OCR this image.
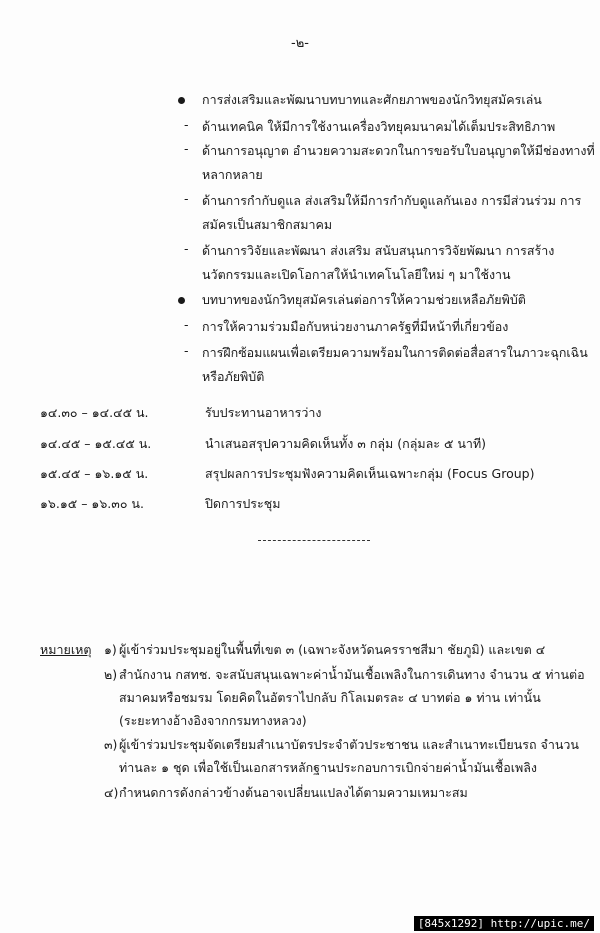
-๒-
การส่งเสริมและพัฒนาบทบาทและศักยภาพของนักวิทยุสมัครเล่น
- ด้านเทคนิค ให้มีการใช้งานเครื่องวิทยุคมนาคมได้เต็มประสิทธิภาพ
- ด้านการอนุญาต อำนวยความสะดวกในการขอรับใบอนุญาตให้มีช่องทางที่
หลากหลาย
- ด้านการกำกับดูแล ส่งเสริมให้มีการกำกับดูแลกันเอง การมีส่วนร่วม การ
สมัครเป็นสมาชิกสมาคม
- ด้านการวิจัยและพัฒนา ส่งเสริม สนับสนุนการวิจัยพัฒนา การสร้าง
นวัตกรรมและเปิดโอกาสให้นำเทคโนโลยีใหม่ ๆ มาใช้งาน
บทบาทของนักวิทยุสมัครเล่นต่อการให้ความช่วยเหลือภัยพิบัติ
- การให้ความร่วมมือกับหน่วยงานภาครัฐที่มีหน้าที่เกี่ยวข้อง
- การฝึกซ้อมแผนเพื่อเตรียมความพร้อมในการติดต่อสื่อสารในภาวะฉุกเฉิน
หรือภัยพิบัติ
๑๔.๓๐ – ๑๔.๔๕ น.	รับประทานอาหารว่าง
๑๔.๔๕ – ๑๕.๔๕ น.	นำเสนอสรุปความคิดเห็นทั้ง ๓ กลุ่ม (กลุ่มละ ๕ นาที)
๑๕.๔๕ – ๑๖.๑๕ น.	สรุปผลการประชุมฟังความคิดเห็นเฉพาะกลุ่ม (Focus Group)
๑๖.๑๕ – ๑๖.๓๐ น.	ปิดการประชุม
หมายเหตุ ๑) ผู้เข้าร่วมประชุมอยู่ในพื้นที่เขต ๓ (เฉพาะจังหวัดนครราชสีมา ชัยภูมิ) และเขต ๔
๒) สำนักงาน กสทช. จะสนับสนุนเฉพาะค่าน้ำมันเชื้อเพลิงในการเดินทาง จำนวน ๕ ท่านต่อ
สมาคมหรือชมรม โดยคิดในอัตราไปกลับ กิโลเมตรละ ๔ บาทต่อ ๑ ท่าน เท่านั้น
(ระยะทางอ้างอิงจากกรมทางหลวง)
๓) ผู้เข้าร่วมประชุมจัดเตรียมสำเนาบัตรประจำตัวประชาชน และสำเนาทะเบียนรถ จำนวน
ท่านละ ๑ ชุด เพื่อใช้เป็นเอกสารหลักฐานประกอบการเบิกจ่ายค่าน้ำมันเชื้อเพลิง
๔) กำหนดการดังกล่าวข้างต้นอาจเปลี่ยนแปลงได้ตามความเหมาะสม
[845x1292] http://upic.me/
